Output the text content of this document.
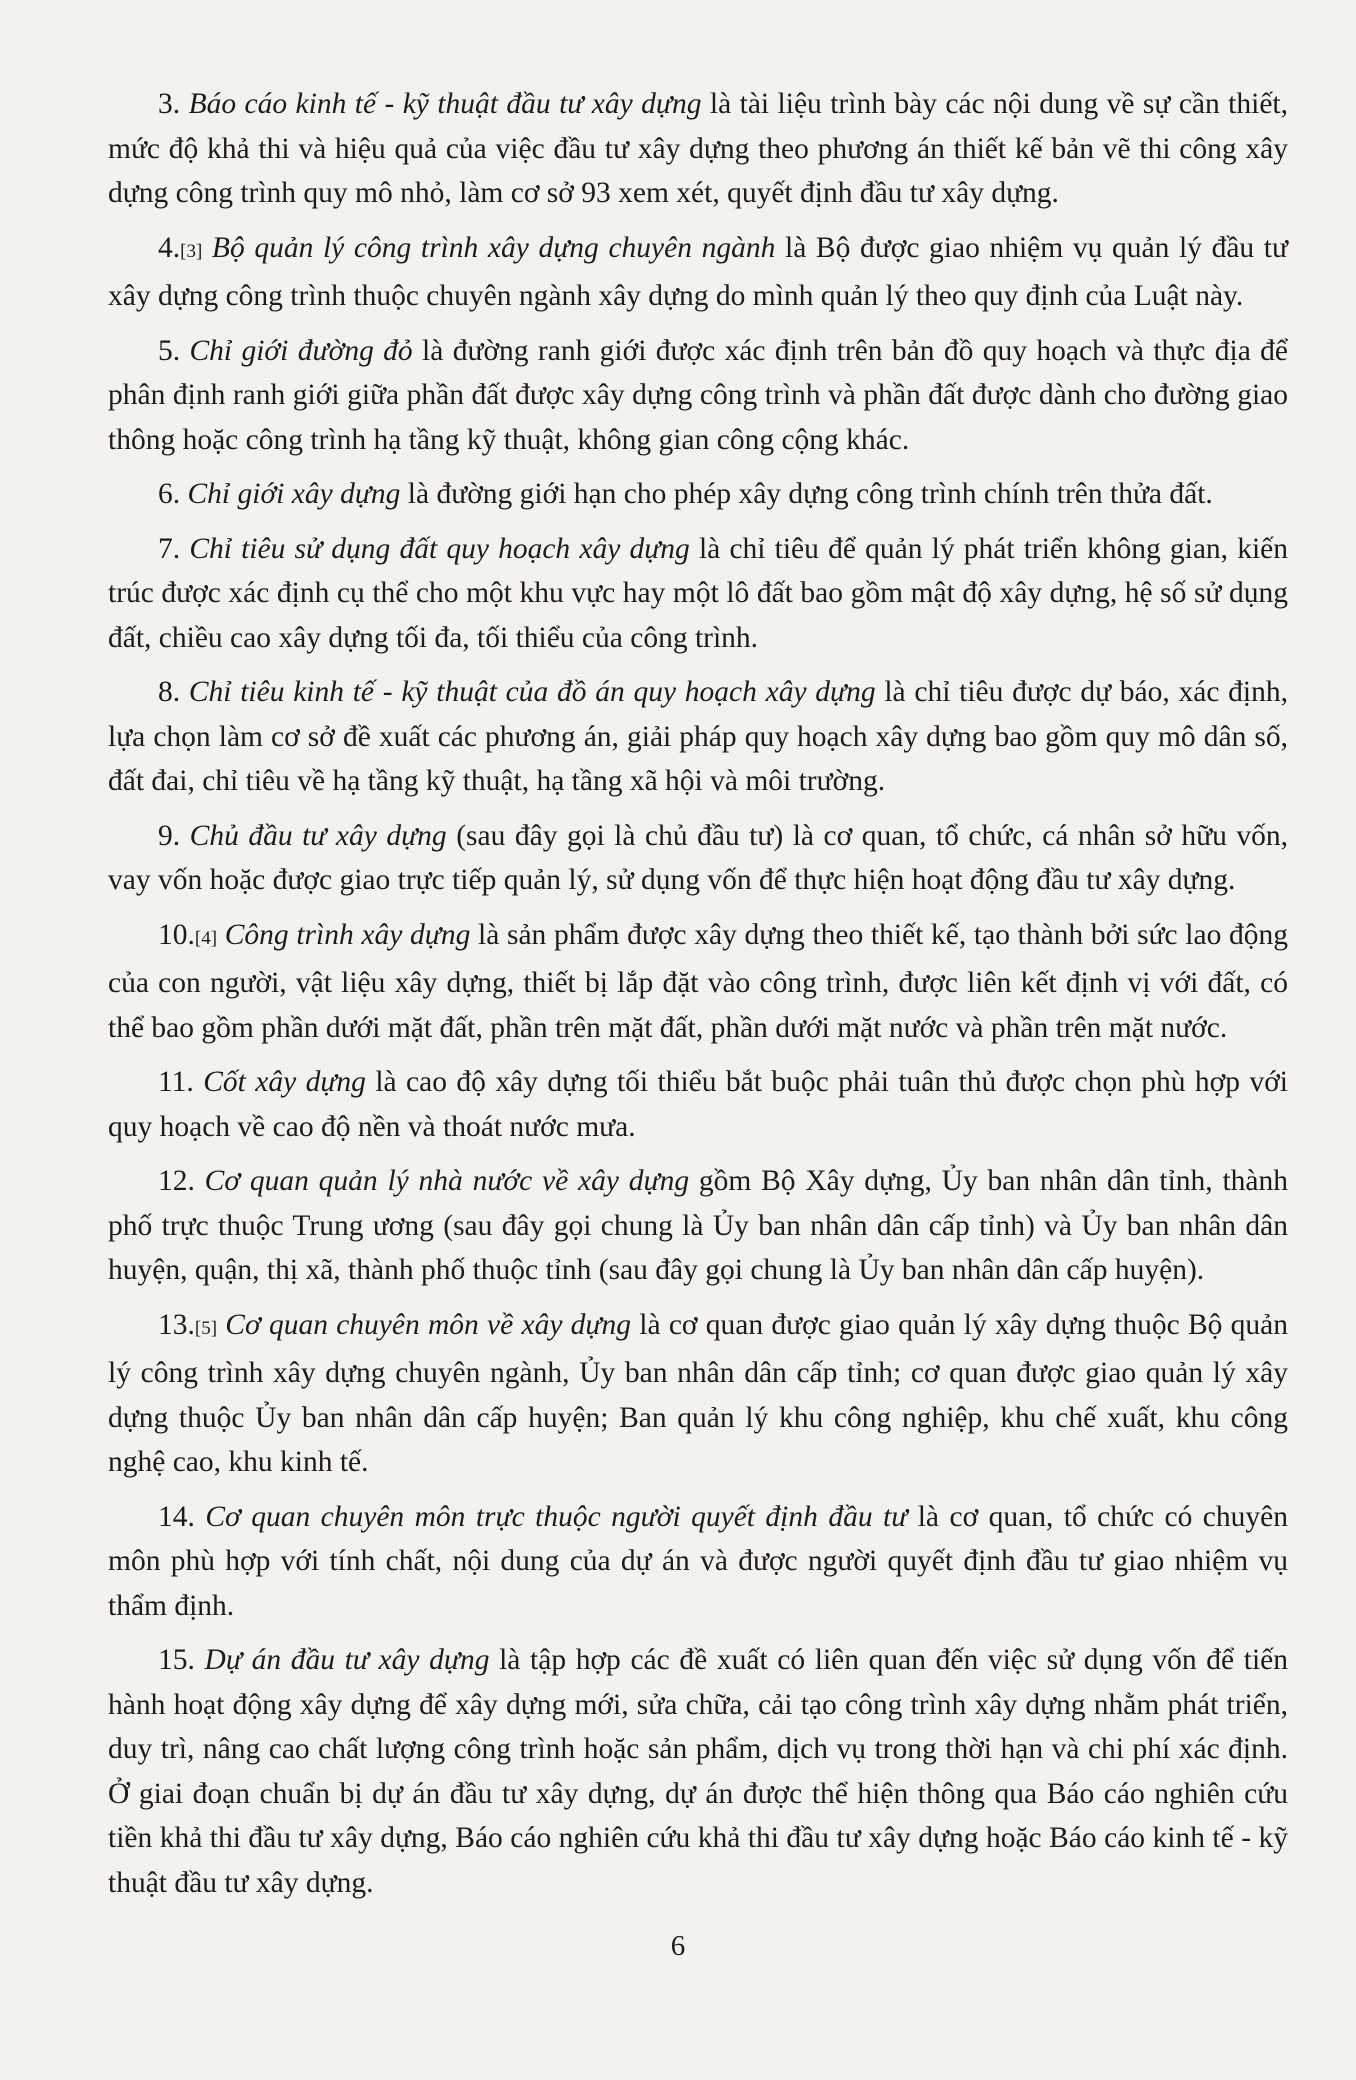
3. Báo cáo kinh tế - kỹ thuật đầu tư xây dựng là tài liệu trình bày các nội dung về sự cần thiết, mức độ khả thi và hiệu quả của việc đầu tư xây dựng theo phương án thiết kế bản vẽ thi công xây dựng công trình quy mô nhỏ, làm cơ sở 93 xem xét, quyết định đầu tư xây dựng.

4.[3] Bộ quản lý công trình xây dựng chuyên ngành là Bộ được giao nhiệm vụ quản lý đầu tư xây dựng công trình thuộc chuyên ngành xây dựng do mình quản lý theo quy định của Luật này.

5. Chỉ giới đường đỏ là đường ranh giới được xác định trên bản đồ quy hoạch và thực địa để phân định ranh giới giữa phần đất được xây dựng công trình và phần đất được dành cho đường giao thông hoặc công trình hạ tầng kỹ thuật, không gian công cộng khác.

6. Chỉ giới xây dựng là đường giới hạn cho phép xây dựng công trình chính trên thửa đất.

7. Chỉ tiêu sử dụng đất quy hoạch xây dựng là chỉ tiêu để quản lý phát triển không gian, kiến trúc được xác định cụ thể cho một khu vực hay một lô đất bao gồm mật độ xây dựng, hệ số sử dụng đất, chiều cao xây dựng tối đa, tối thiểu của công trình.

8. Chỉ tiêu kinh tế - kỹ thuật của đồ án quy hoạch xây dựng là chỉ tiêu được dự báo, xác định, lựa chọn làm cơ sở đề xuất các phương án, giải pháp quy hoạch xây dựng bao gồm quy mô dân số, đất đai, chỉ tiêu về hạ tầng kỹ thuật, hạ tầng xã hội và môi trường.

9. Chủ đầu tư xây dựng (sau đây gọi là chủ đầu tư) là cơ quan, tổ chức, cá nhân sở hữu vốn, vay vốn hoặc được giao trực tiếp quản lý, sử dụng vốn để thực hiện hoạt động đầu tư xây dựng.

10.[4] Công trình xây dựng là sản phẩm được xây dựng theo thiết kế, tạo thành bởi sức lao động của con người, vật liệu xây dựng, thiết bị lắp đặt vào công trình, được liên kết định vị với đất, có thể bao gồm phần dưới mặt đất, phần trên mặt đất, phần dưới mặt nước và phần trên mặt nước.

11. Cốt xây dựng là cao độ xây dựng tối thiểu bắt buộc phải tuân thủ được chọn phù hợp với quy hoạch về cao độ nền và thoát nước mưa.

12. Cơ quan quản lý nhà nước về xây dựng gồm Bộ Xây dựng, Ủy ban nhân dân tỉnh, thành phố trực thuộc Trung ương (sau đây gọi chung là Ủy ban nhân dân cấp tỉnh) và Ủy ban nhân dân huyện, quận, thị xã, thành phố thuộc tỉnh (sau đây gọi chung là Ủy ban nhân dân cấp huyện).

13.[5] Cơ quan chuyên môn về xây dựng là cơ quan được giao quản lý xây dựng thuộc Bộ quản lý công trình xây dựng chuyên ngành, Ủy ban nhân dân cấp tỉnh; cơ quan được giao quản lý xây dựng thuộc Ủy ban nhân dân cấp huyện; Ban quản lý khu công nghiệp, khu chế xuất, khu công nghệ cao, khu kinh tế.

14. Cơ quan chuyên môn trực thuộc người quyết định đầu tư là cơ quan, tổ chức có chuyên môn phù hợp với tính chất, nội dung của dự án và được người quyết định đầu tư giao nhiệm vụ thẩm định.

15. Dự án đầu tư xây dựng là tập hợp các đề xuất có liên quan đến việc sử dụng vốn để tiến hành hoạt động xây dựng để xây dựng mới, sửa chữa, cải tạo công trình xây dựng nhằm phát triển, duy trì, nâng cao chất lượng công trình hoặc sản phẩm, dịch vụ trong thời hạn và chi phí xác định. Ở giai đoạn chuẩn bị dự án đầu tư xây dựng, dự án được thể hiện thông qua Báo cáo nghiên cứu tiền khả thi đầu tư xây dựng, Báo cáo nghiên cứu khả thi đầu tư xây dựng hoặc Báo cáo kinh tế - kỹ thuật đầu tư xây dựng.

6
